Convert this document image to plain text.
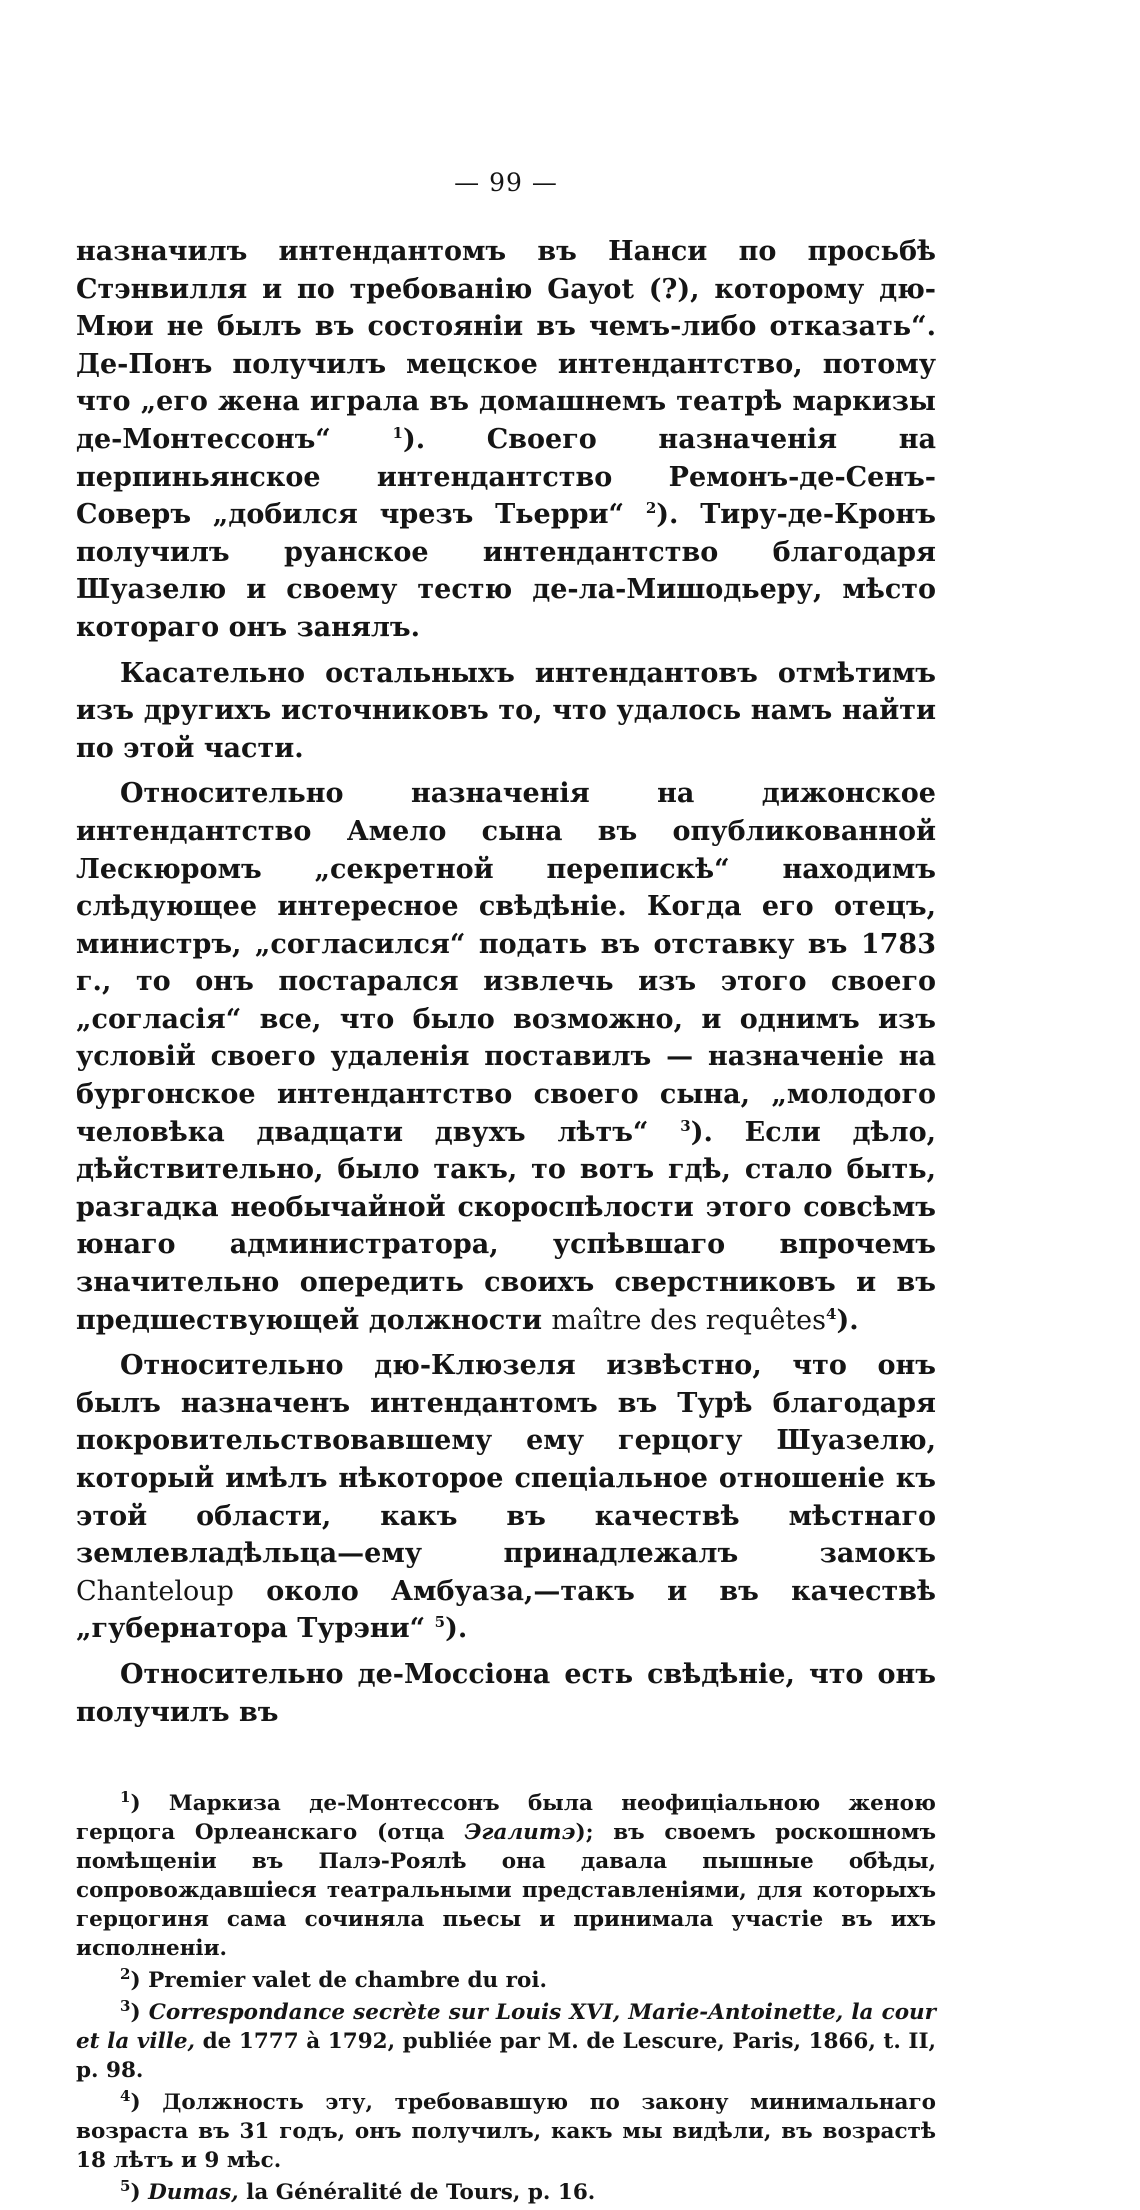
— 99 —

назначилъ интендантомъ въ Нанси по просьбѣ Стэнвилля и по требованію Gayot (?), которому дю-Мюи не былъ въ состояніи въ чемъ-либо отказать“. Де-Понъ получилъ мецское интендантство, потому что „его жена играла въ домашнемъ театрѣ маркизы де-Монтессонъ“	$^1$). Своего назначенія на перпиньянское интендантство Ремонъ-де-Сенъ-Соверъ „добился чрезъ Тьерри“ $^2$). Тиру-де-Кронъ получилъ руанское интендантство благодаря Шуазелю и своему тестю де-ла-Мишодьеру, мѣсто котораго онъ занялъ.

Касательно остальныхъ интендантовъ отмѣтимъ изъ другихъ источниковъ то, что удалось намъ найти по этой части.

Относительно назначенія на дижонское интендантство Амело сына въ опубликованной Лескюромъ „секретной перепискѣ“ находимъ слѣдующее интересное свѣдѣніе. Когда его отецъ, министръ, „согласился“ подать въ отставку въ 1783 г., то онъ постарался извлечь изъ этого своего „согласія“ все, что было возможно, и однимъ изъ условій своего удаленія поставилъ — назначеніе на бургонское интендантство своего сына, „молодого человѣка двадцати двухъ лѣтъ“ $^3$). Если дѣло, дѣйствительно, было такъ, то вотъ гдѣ, стало быть, разгадка необычайной скороспѣлости этого совсѣмъ юнаго администратора, успѣвшаго впрочемъ значительно опередить своихъ сверстниковъ и въ предшествующей должности maître des requêtes$^4$).

Относительно дю-Клюзеля извѣстно, что онъ былъ назначенъ интендантомъ въ Турѣ благодаря покровительствовавшему ему герцогу Шуазелю, который имѣлъ нѣкоторое спеціальное отношеніе къ этой области, какъ въ качествѣ мѣстнаго землевладѣльца—ему принадлежалъ замокъ Chanteloup около Амбуаза,—такъ и въ качествѣ „губернатора Турэни“ $^5$).

Относительно де-Моссіона есть свѣдѣніе, что онъ получилъ въ

$^1$) Маркиза де-Монтессонъ была неофиціальною женою герцога Орлеанскаго (отца Эгалитэ); въ своемъ роскошномъ помѣщеніи въ Палэ-Роялѣ она давала пышные обѣды, сопровождавшіеся театральными представленіями, для которыхъ герцогиня сама сочиняла пьесы и принимала участіе въ ихъ исполненіи.

$^2$) Premier valet de chambre du roi.

$^3$) Correspondance secrète sur Louis XVI, Marie-Antoinette, la cour et la ville, de 1777 à 1792, publiée par M. de Lescure, Paris, 1866, t. II, p. 98.

$^4$) Должность эту, требовавшую по закону минимальнаго возраста въ 31 годъ, онъ получилъ, какъ мы видѣли, въ возрастѣ 18 лѣтъ и 9 мѣс.

$^5$) Dumas, la Généralité de Tours, p. 16.
